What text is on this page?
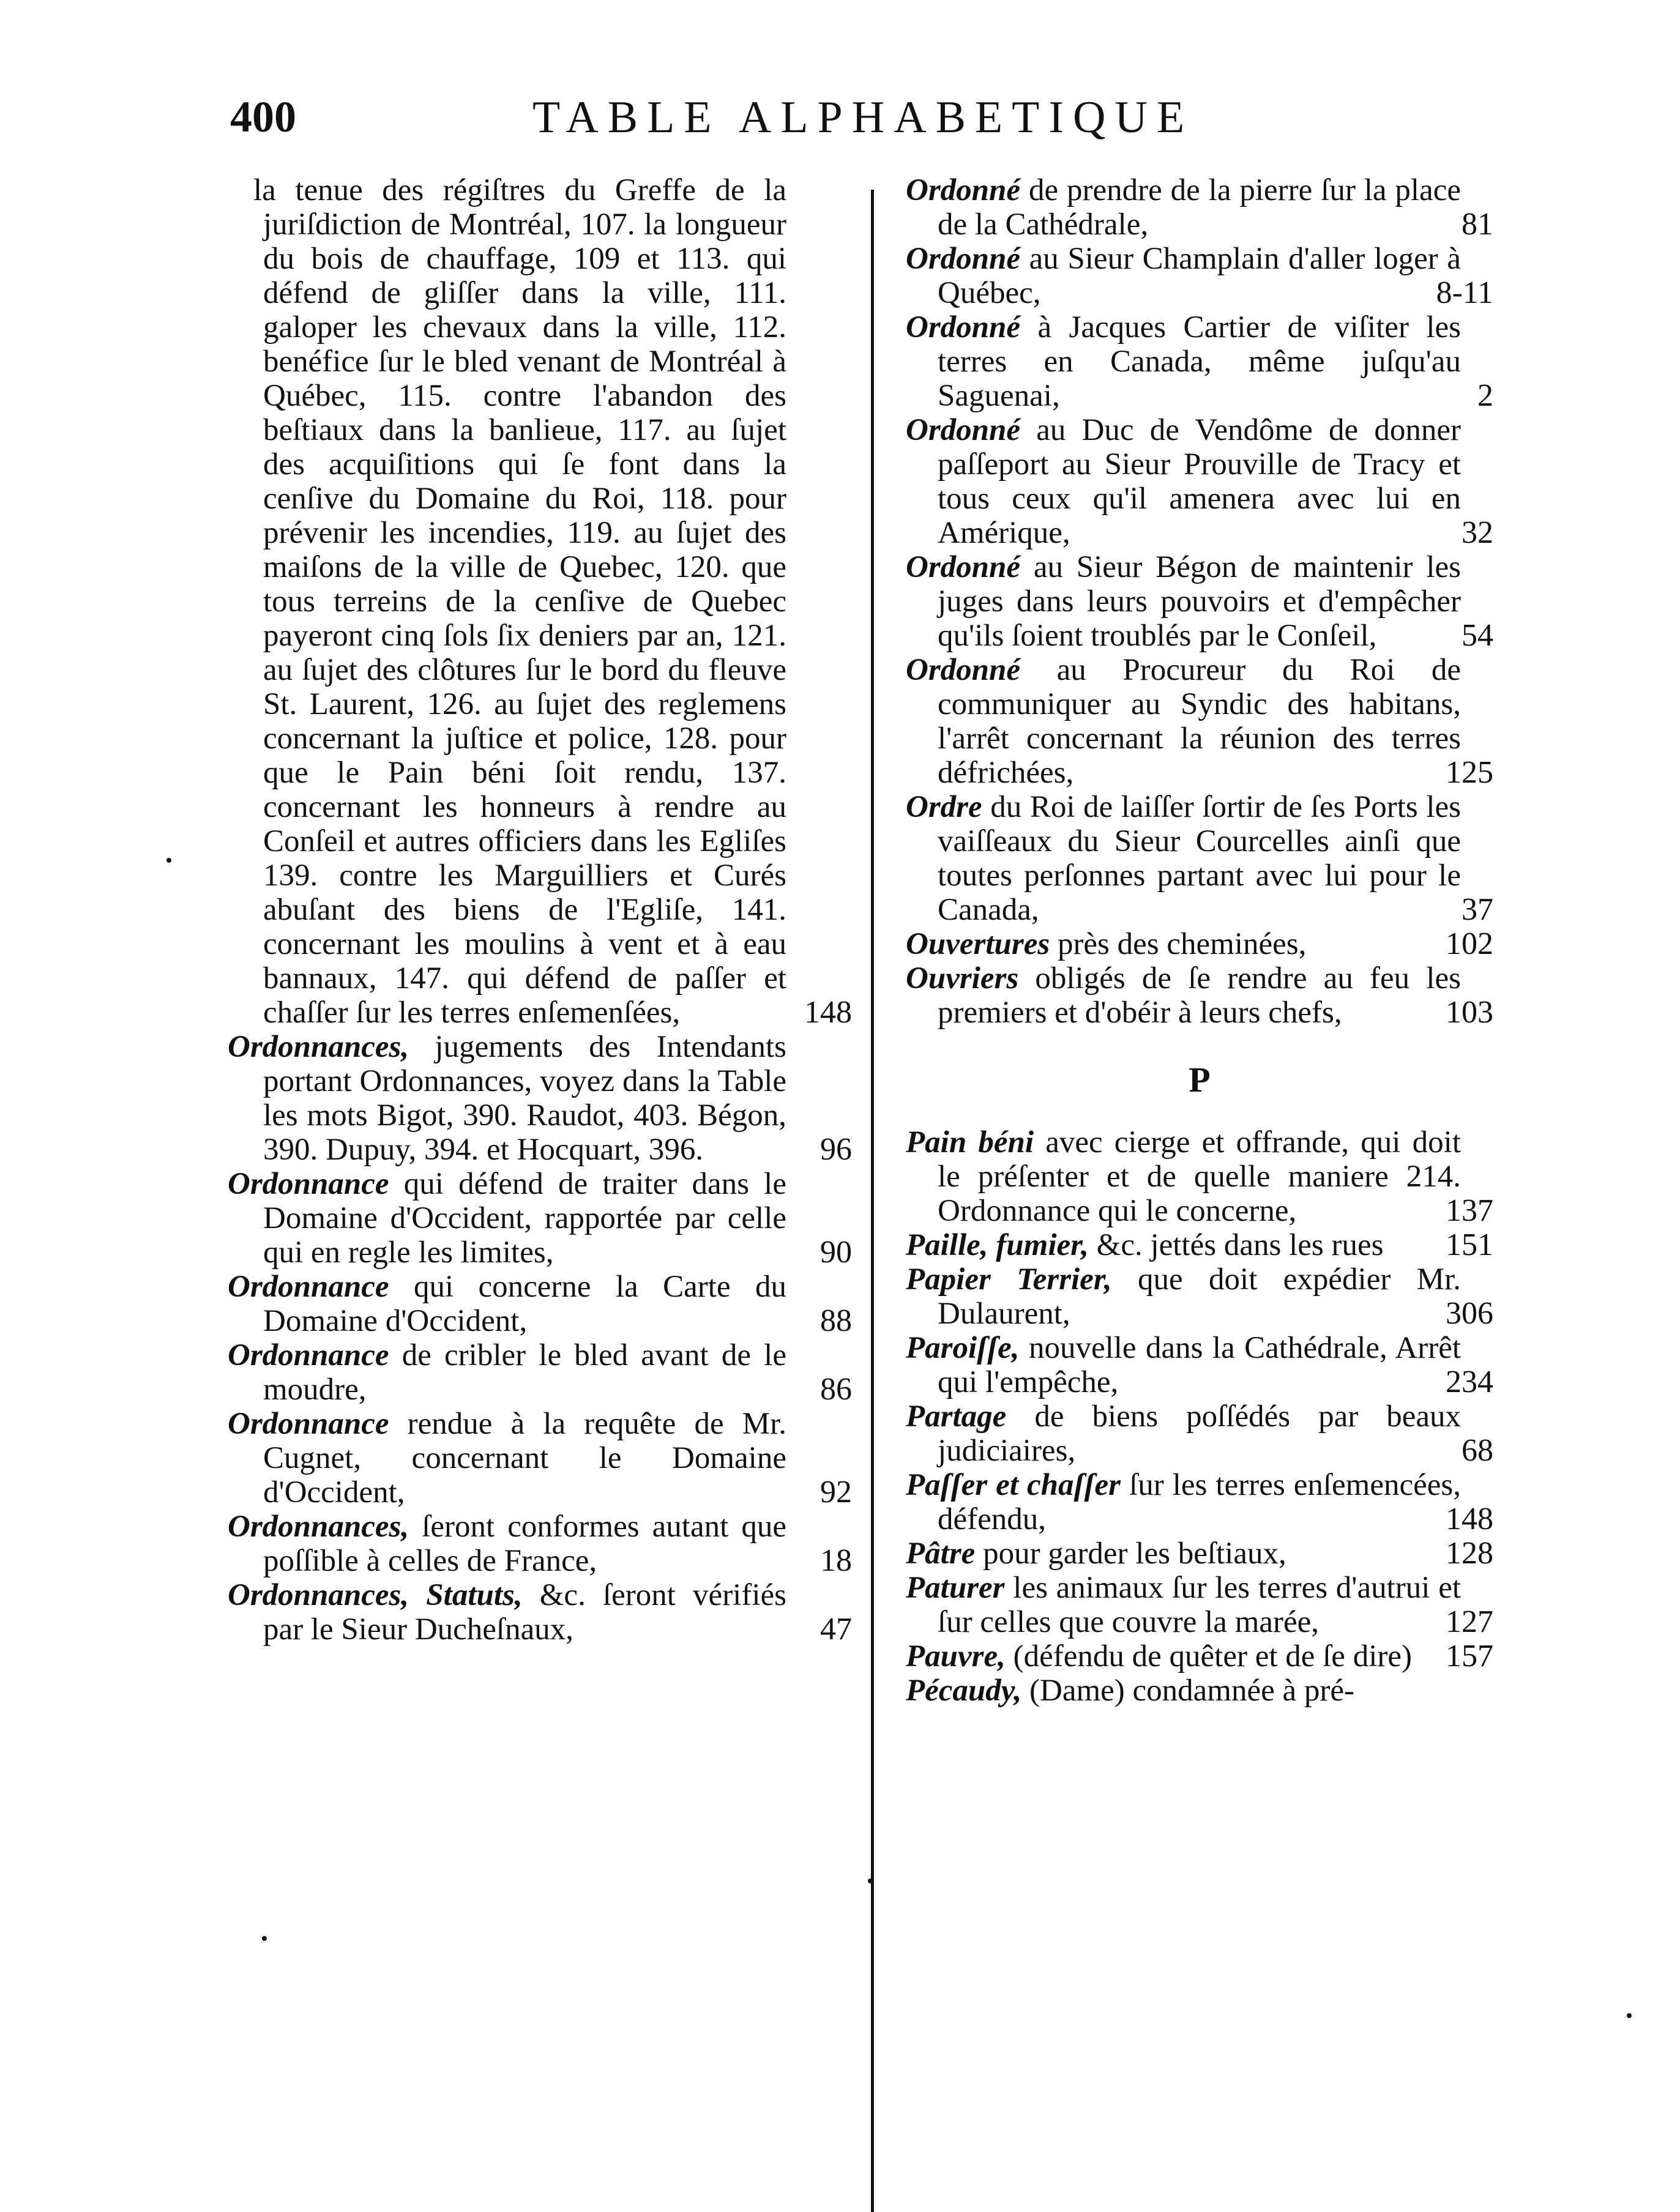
400	TABLE ALPHABETIQUE

la tenue des régiſtres du Greffe de la juriſdiction de Montréal, 107. la longueur du bois de chauffage, 109 et 113. qui défend de gliſſer dans la ville, 111. galoper les chevaux dans la ville, 112. benéfice ſur le bled venant de Montréal à Québec, 115. contre l'abandon des beſtiaux dans la banlieue, 117. au ſujet des acquiſitions qui ſe font dans la cenſive du Domaine du Roi, 118. pour prévenir les incendies, 119. au ſujet des maiſons de la ville de Quebec, 120. que tous terreins de la cenſive de Quebec payeront cinq ſols ſix deniers par an, 121. au ſujet des clôtures ſur le bord du fleuve St. Laurent, 126. au ſujet des reglemens concernant la juſtice et police, 128. pour que le Pain béni ſoit rendu, 137. concernant les honneurs à rendre au Conſeil et autres officiers dans les Egliſes 139. contre les Marguilliers et Curés abuſant des biens de l'Egliſe, 141. concernant les moulins à vent et à eau bannaux, 147. qui défend de paſſer et chaſſer ſur les terres enſemenſées,	148

Ordonnances, jugements des Intendants portant Ordonnances, voyez dans la Table les mots Bigot, 390. Raudot, 403. Bégon, 390. Dupuy, 394. et Hocquart, 396.	96

Ordonnance qui défend de traiter dans le Domaine d'Occident, rapportée par celle qui en regle les limites,	90

Ordonnance qui concerne la Carte du Domaine d'Occident,	88

Ordonnance de cribler le bled avant de le moudre,	86

Ordonnance rendue à la requête de Mr. Cugnet, concernant le Domaine d'Occident,	92

Ordonnances, ſeront conformes autant que poſſible à celles de France,	18

Ordonnances, Statuts, &c. ſeront vérifiés par le Sieur Ducheſnaux,	47

Ordonné de prendre de la pierre ſur la place de la Cathédrale,	81

Ordonné au Sieur Champlain d'aller loger à Québec,	8-11

Ordonné à Jacques Cartier de viſiter les terres en Canada, même juſqu'au Saguenai,	2

Ordonné au Duc de Vendôme de donner paſſeport au Sieur Prouville de Tracy et tous ceux qu'il amenera avec lui en Amérique,	32

Ordonné au Sieur Bégon de maintenir les juges dans leurs pouvoirs et d'empêcher qu'ils ſoient troublés par le Conſeil,	54

Ordonné au Procureur du Roi de communiquer au Syndic des habitans, l'arrêt concernant la réunion des terres défrichées,	125

Ordre du Roi de laiſſer ſortir de ſes Ports les vaiſſeaux du Sieur Courcelles ainſi que toutes perſonnes partant avec lui pour le Canada,	37

Ouvertures près des cheminées,	102

Ouvriers obligés de ſe rendre au feu les premiers et d'obéir à leurs chefs,	103
P

Pain béni avec cierge et offrande, qui doit le préſenter et de quelle maniere 214. Ordonnance qui le concerne,	137

Paille, fumier, &c. jettés dans les rues	151

Papier Terrier, que doit expédier Mr. Dulaurent,	306

Paroiſſe, nouvelle dans la Cathédrale, Arrêt qui l'empêche,	234

Partage de biens poſſédés par beaux judiciaires,	68

Paſſer et chaſſer ſur les terres enſemencées, défendu,	148

Pâtre pour garder les beſtiaux,	128

Paturer les animaux ſur les terres d'autrui et ſur celles que couvre la marée,	127

Pauvre, (défendu de quêter et de ſe dire)	157

Pécaudy, (Dame) condamnée à pré-
